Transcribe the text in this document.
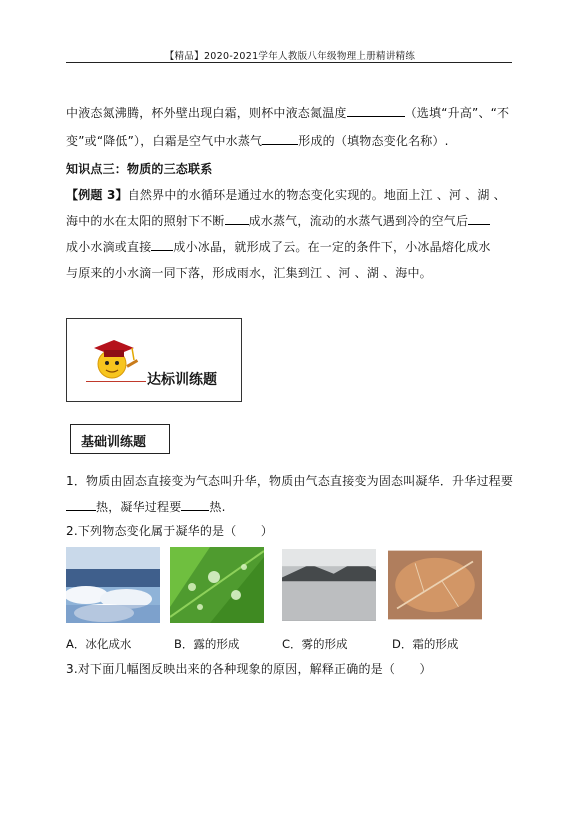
【精品】2020-2021学年人教版八年级物理上册精讲精练
中液态氮沸腾，杯外壁出现白霜，则杯中液态氮温度	（选填“升高”、“不
变”或“降低”），白霜是空气中水蒸气	形成的（填物态变化名称）.
知识点三：物质的三态联系
【例题 3】自然界中的水循环是通过水的物态变化实现的。地面上江 、河 、湖 、
海中的水在太阳的照射下不断 成水蒸气，流动的水蒸气遇到冷的空气后
成小水滴或直接 成小冰晶，就形成了云。在一定的条件下，小冰晶熔化成水
与原来的小水滴一同下落，形成雨水，汇集到江 、河 、湖 、海中。
达标训练题
基础训练题
1．物质由固态直接变为气态叫升华，物质由气态直接变为固态叫凝华．升华过程要
热，凝华过程要 热.
2.下列物态变化属于凝华的是（　　）
A．冰化成水	B．露的形成	C．雾的形成	D．霜的形成
3.对下面几幅图反映出来的各种现象的原因，解释正确的是（　　）
